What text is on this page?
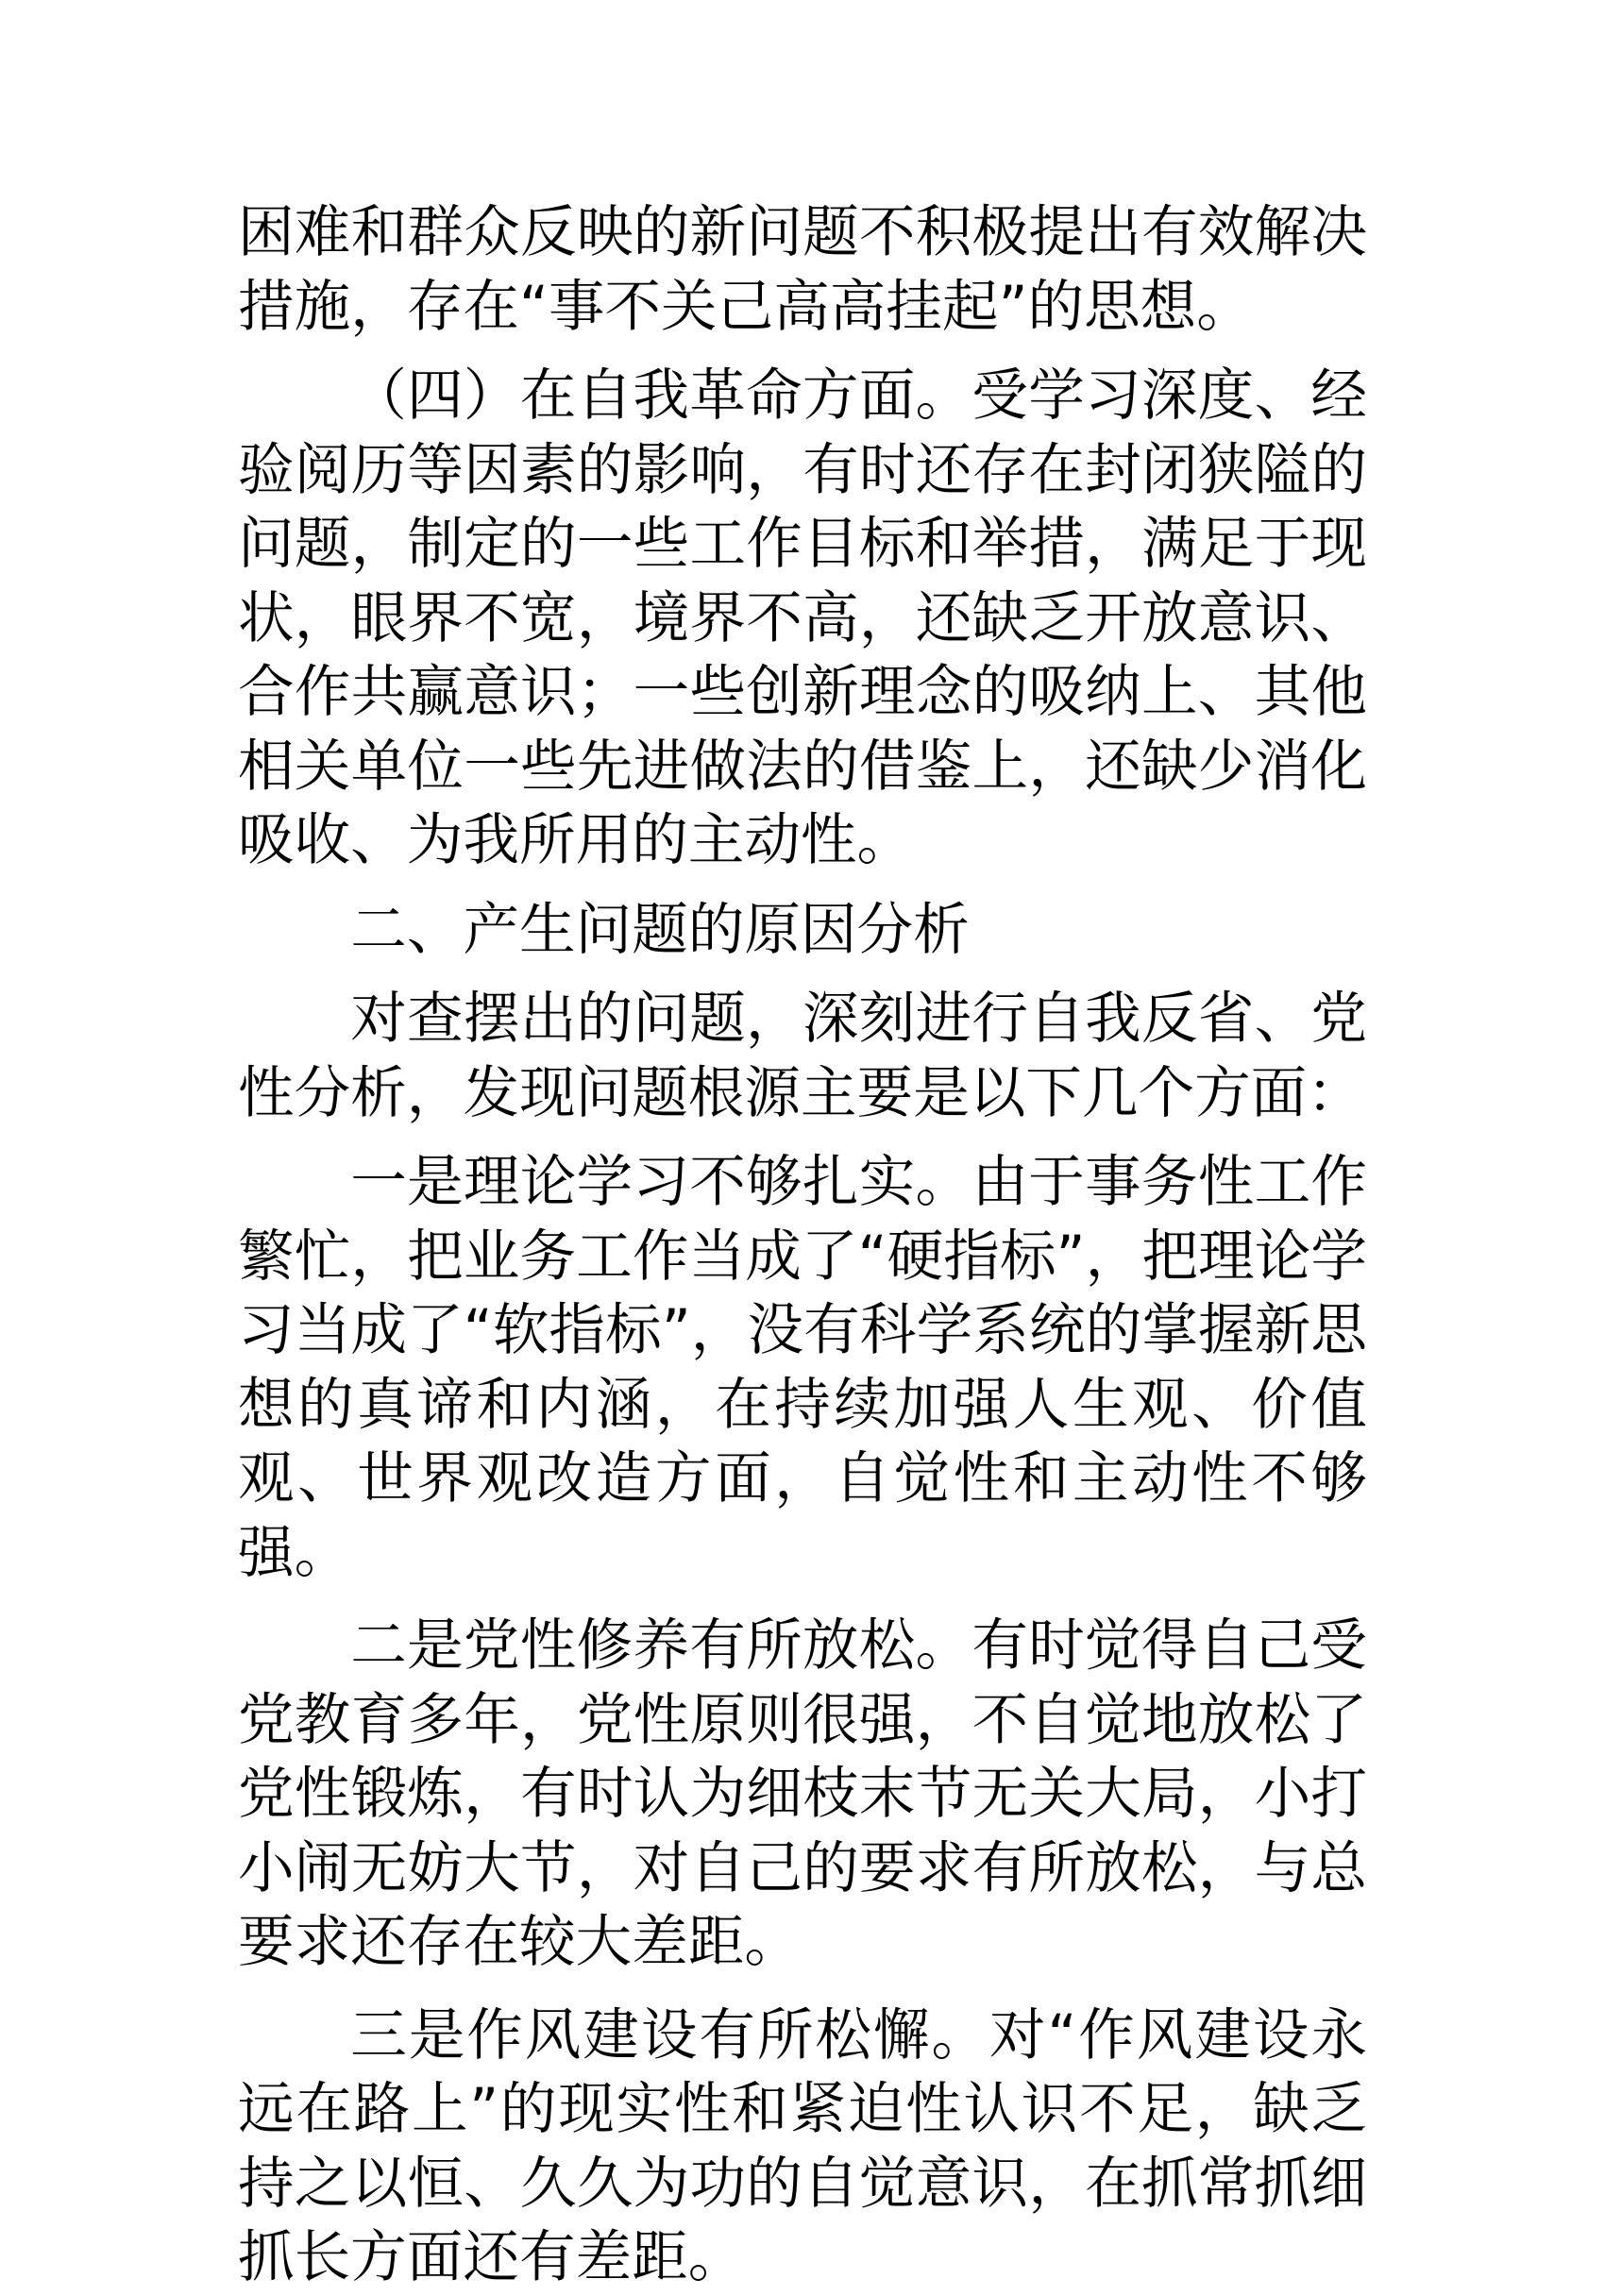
困难和群众反映的新问题不积极提出有效解决措施，存在“事不关己高高挂起”的思想。

（四）在自我革命方面。受学习深度、经验阅历等因素的影响，有时还存在封闭狭隘的问题，制定的一些工作目标和举措，满足于现状，眼界不宽，境界不高，还缺乏开放意识、合作共赢意识；一些创新理念的吸纳上、其他相关单位一些先进做法的借鉴上，还缺少消化吸收、为我所用的主动性。

二、产生问题的原因分析

对查摆出的问题，深刻进行自我反省、党性分析，发现问题根源主要是以下几个方面：

一是理论学习不够扎实。由于事务性工作繁忙，把业务工作当成了“硬指标”，把理论学习当成了“软指标”，没有科学系统的掌握新思想的真谛和内涵，在持续加强人生观、价值观、世界观改造方面，自觉性和主动性不够强。

二是党性修养有所放松。有时觉得自己受党教育多年，党性原则很强，不自觉地放松了党性锻炼，有时认为细枝末节无关大局，小打小闹无妨大节，对自己的要求有所放松，与总要求还存在较大差距。

三是作风建设有所松懈。对“作风建设永远在路上”的现实性和紧迫性认识不足，缺乏持之以恒、久久为功的自觉意识，在抓常抓细抓长方面还有差距。
